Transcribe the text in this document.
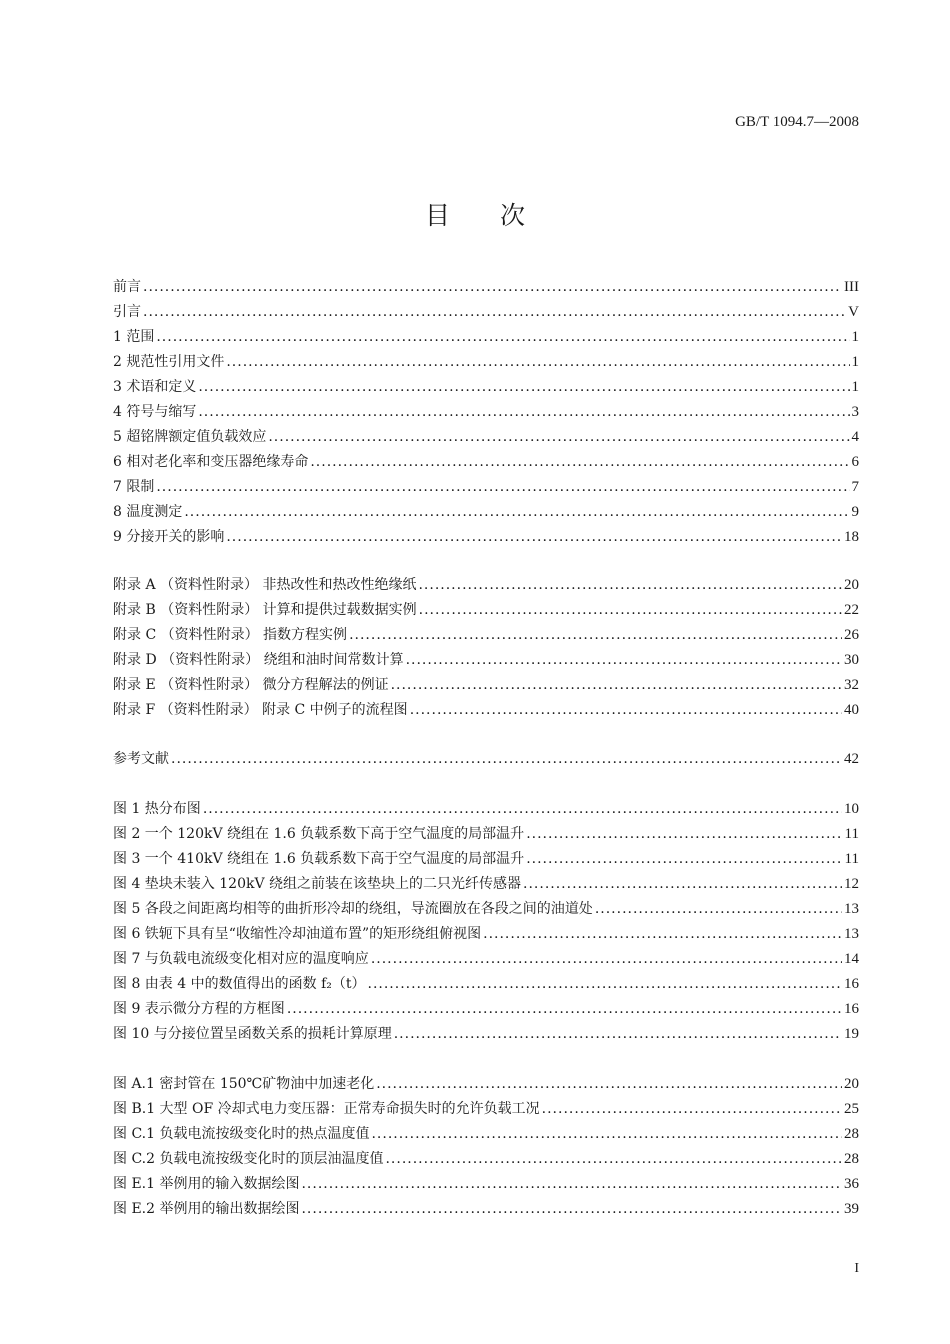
GB/T 1094.7—2008
目次
前言 .....	III
引言 .....	V
1 范围 .....	1
2 规范性引用文件 .....	1
3 术语和定义 .....	1
4 符号与缩写 .....	3
5 超铭牌额定值负载效应 .....	4
6 相对老化率和变压器绝缘寿命 .....	6
7 限制 .....	7
8 温度测定 .....	9
9 分接开关的影响 .....	18
附录 A （资料性附录） 非热改性和热改性绝缘纸 .....	20
附录 B （资料性附录） 计算和提供过载数据实例 .....	22
附录 C （资料性附录） 指数方程实例 .....	26
附录 D （资料性附录） 绕组和油时间常数计算 .....	30
附录 E （资料性附录） 微分方程解法的例证 .....	32
附录 F （资料性附录） 附录 C 中例子的流程图 .....	40
参考文献 .....	42
图 1 热分布图 .....	10
图 2 一个 120kV 绕组在 1.6 负载系数下高于空气温度的局部温升 .....	11
图 3 一个 410kV 绕组在 1.6 负载系数下高于空气温度的局部温升 .....	11
图 4 垫块未装入 120kV 绕组之前装在该垫块上的二只光纤传感器 .....	12
图 5 各段之间距离均相等的曲折形冷却的绕组，导流圈放在各段之间的油道处 .....	13
图 6 铁轭下具有呈“收缩性冷却油道布置”的矩形绕组俯视图 .....	13
图 7 与负载电流级变化相对应的温度响应 .....	14
图 8 由表 4 中的数值得出的函数 f₂（t） .....	16
图 9 表示微分方程的方框图 .....	16
图 10 与分接位置呈函数关系的损耗计算原理 .....	19
图 A.1 密封管在 150℃矿物油中加速老化 .....	20
图 B.1 大型 OF 冷却式电力变压器：正常寿命损失时的允许负载工况 .....	25
图 C.1 负载电流按级变化时的热点温度值 .....	28
图 C.2 负载电流按级变化时的顶层油温度值 .....	28
图 E.1 举例用的输入数据绘图 .....	36
图 E.2 举例用的输出数据绘图 .....	39
I
